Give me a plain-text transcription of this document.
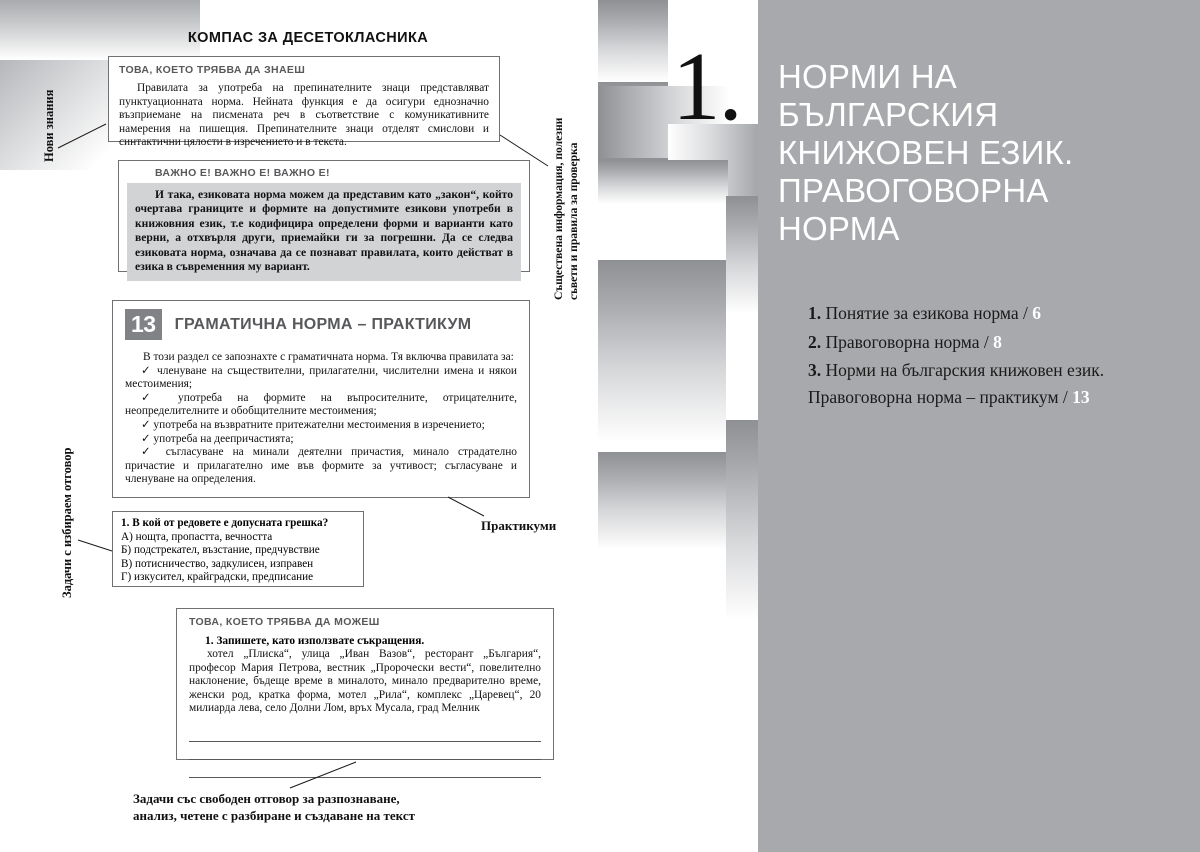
НОРМИ НА БЪЛГАРСКИЯ КНИЖОВЕН ЕЗИК. ПРАВОГОВОРНА НОРМА
1. Понятие за езикова норма / 6
2. Правоговорна норма / 8
3. Норми на българския книжовен език. Правоговорна норма – практикум / 13
1.
КОМПАС ЗА ДЕСЕТОКЛАСНИКА
ТОВА, КОЕТО ТРЯБВА ДА ЗНАЕШ
Правилата за употреба на препинателните знаци представляват пунктуационната норма. Нейната функция е да осигури еднозначно възприемане на писмената реч в съответствие с комуникативните намерения на пишещия. Препинателните знаци отделят смислови и синтактични цялости в изречението и в текста.
ВАЖНО Е! ВАЖНО Е! ВАЖНО Е!
И така, езиковата норма можем да представим като „закон“, който очертава границите и формите на допустимите езикови употреби в книжовния език, т.е кодифицира определени форми и варианти като верни, а отхвърля други, приемайки ги за погрешни. Да се следва езиковата норма, означава да се познават правилата, които действат в езика в съвременния му вариант.
13 ГРАМАТИЧНА НОРМА – ПРАКТИКУМ
В този раздел се запознахте с граматичната норма. Тя включва правилата за:
✓ членуване на съществителни, прилагателни, числителни имена и някои местоимения;
✓ употреба на формите на въпросителните, отрицателните, неопределителните и обобщителните местоимения;
✓ употреба на възвратните притежателни местоимения в изречението;
✓ употреба на деепричастията;
✓ съгласуване на минали деятелни причастия, минало страдателно причастие и прилагателно име във формите за учтивост; съгласуване и членуване на определения.
1. В кой от редовете е допусната грешка?
А) нощта, пропастта, вечността
Б) подстрекател, възстание, предчувствие
В) потисничество, задкулисен, изправен
Г) изкусител, крайградски, предписание
ТОВА, КОЕТО ТРЯБВА ДА МОЖЕШ
1. Запишете, като използвате съкращения.
хотел „Плиска“, улица „Иван Вазов“, ресторант „България“, професор Мария Петрова, вестник „Пророчески вести“, повелително наклонение, бъдеще време в миналото, минало предварително време, женски род, кратка форма, мотел „Рила“, комплекс „Царевец“, 20 милиарда лева, село Долни Лом, връх Мусала, град Мелник
Нови знания
Задачи с избираем отговор
Съществена информация, полезни съвети и правила за проверка
Практикуми
Задачи със свободен отговор за разпознаване,
анализ, четене с разбиране и създаване на текст
